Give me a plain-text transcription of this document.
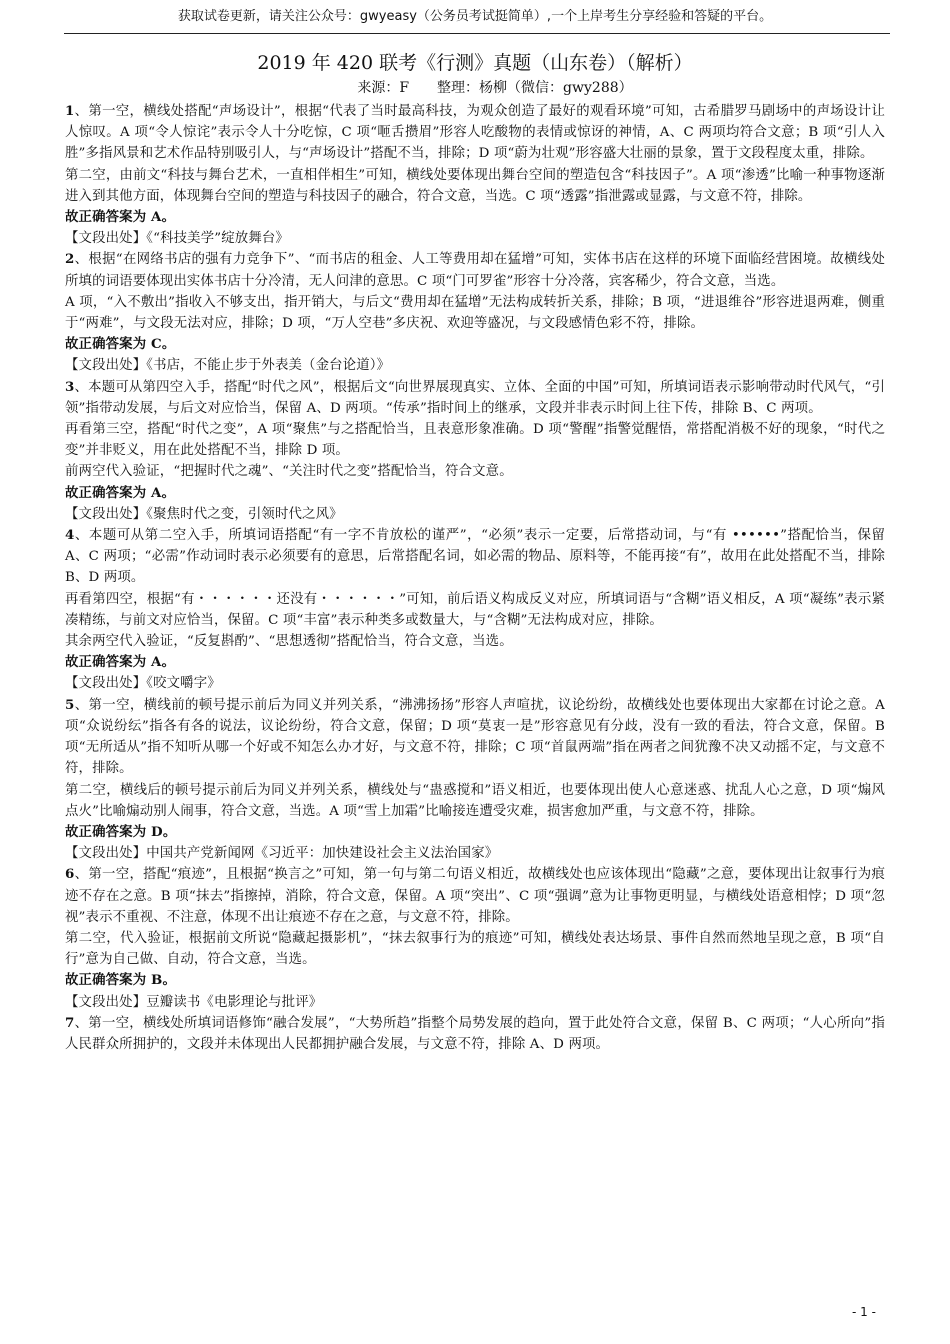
获取试卷更新，请关注公众号：gwyeasy（公务员考试挺简单）,一个上岸考生分享经验和答疑的平台。
2019 年 420 联考《行测》真题（山东卷）（解析）
来源：F　　整理：杨柳（微信：gwy288）

1、第一空，横线处搭配“声场设计”，根据“代表了当时最高科技，为观众创造了最好的观看环境”可知，古希腊罗马剧场中的声场设计让人惊叹。A 项“令人惊诧”表示令人十分吃惊，C 项“咂舌攒眉”形容人吃酸物的表情或惊讶的神情，A、C 两项均符合文意；B 项“引人入胜”多指风景和艺术作品特别吸引人，与“声场设计”搭配不当，排除；D 项“蔚为壮观”形容盛大壮丽的景象，置于文段程度太重，排除。

第二空，由前文“科技与舞台艺术，一直相伴相生”可知，横线处要体现出舞台空间的塑造包含“科技因子”。A 项“渗透”比喻一种事物逐渐进入到其他方面，体现舞台空间的塑造与科技因子的融合，符合文意，当选。C 项“透露”指泄露或显露，与文意不符，排除。

故正确答案为 A。

【文段出处】《“科技美学”绽放舞台》

2、根据“在网络书店的强有力竞争下”、“而书店的租金、人工等费用却在猛增”可知，实体书店在这样的环境下面临经营困境。故横线处所填的词语要体现出实体书店十分冷清，无人问津的意思。C 项“门可罗雀”形容十分冷落，宾客稀少，符合文意，当选。

A 项，“入不敷出”指收入不够支出，指开销大，与后文“费用却在猛增”无法构成转折关系，排除；B 项，“进退维谷”形容进退两难，侧重于“两难”，与文段无法对应，排除；D 项，“万人空巷”多庆祝、欢迎等盛况，与文段感情色彩不符，排除。

故正确答案为 C。

【文段出处】《书店，不能止步于外表美（金台论道）》

3、本题可从第四空入手，搭配“时代之风”，根据后文“向世界展现真实、立体、全面的中国”可知，所填词语表示影响带动时代风气，“引领”指带动发展，与后文对应恰当，保留 A、D 两项。“传承”指时间上的继承，文段并非表示时间上往下传，排除 B、C 两项。

再看第三空，搭配“时代之变”，A 项“聚焦”与之搭配恰当，且表意形象准确。D 项“警醒”指警觉醒悟，常搭配消极不好的现象，“时代之变”并非贬义，用在此处搭配不当，排除 D 项。

前两空代入验证，“把握时代之魂”、“关注时代之变”搭配恰当，符合文意。

故正确答案为 A。

【文段出处】《聚焦时代之变，引领时代之风》

4、本题可从第二空入手，所填词语搭配“有一字不肯放松的谨严”，“必须”表示一定要，后常搭动词，与“有 ••••••”搭配恰当，保留 A、C 两项；“必需”作动词时表示必须要有的意思，后常搭配名词，如必需的物品、原料等，不能再接“有”，故用在此处搭配不当，排除 B、D 两项。

再看第四空，根据“有・・・・・・还没有・・・・・・”可知，前后语义构成反义对应，所填词语与“含糊”语义相反，A 项“凝练”表示紧凑精练，与前文对应恰当，保留。C 项“丰富”表示种类多或数量大，与“含糊”无法构成对应，排除。

其余两空代入验证，“反复斟酌”、“思想透彻”搭配恰当，符合文意，当选。

故正确答案为 A。

【文段出处】《咬文嚼字》

5、第一空，横线前的顿号提示前后为同义并列关系，“沸沸扬扬”形容人声喧扰，议论纷纷，故横线处也要体现出大家都在讨论之意。A 项“众说纷纭”指各有各的说法，议论纷纷，符合文意，保留；D 项“莫衷一是”形容意见有分歧，没有一致的看法，符合文意，保留。B 项“无所适从”指不知听从哪一个好或不知怎么办才好，与文意不符，排除；C 项“首鼠两端”指在两者之间犹豫不决又动摇不定，与文意不符，排除。

第二空，横线后的顿号提示前后为同义并列关系，横线处与“蛊惑搅和”语义相近，也要体现出使人心意迷惑、扰乱人心之意，D 项“煽风点火”比喻煽动别人闹事，符合文意，当选。A 项“雪上加霜”比喻接连遭受灾难，损害愈加严重，与文意不符，排除。

故正确答案为 D。

【文段出处】中国共产党新闻网《习近平：加快建设社会主义法治国家》

6、第一空，搭配“痕迹”，且根据“换言之”可知，第一句与第二句语义相近，故横线处也应该体现出“隐藏”之意，要体现出让叙事行为痕迹不存在之意。B 项“抹去”指擦掉，消除，符合文意，保留。A 项“突出”、C 项“强调”意为让事物更明显，与横线处语意相悖；D 项“忽视”表示不重视、不注意，体现不出让痕迹不存在之意，与文意不符，排除。

第二空，代入验证，根据前文所说“隐藏起摄影机”，“抹去叙事行为的痕迹”可知，横线处表达场景、事件自然而然地呈现之意，B 项“自行”意为自己做、自动，符合文意，当选。

故正确答案为 B。

【文段出处】豆瓣读书《电影理论与批评》

7、第一空，横线处所填词语修饰“融合发展”，“大势所趋”指整个局势发展的趋向，置于此处符合文意，保留 B、C 两项；“人心所向”指人民群众所拥护的，文段并未体现出人民都拥护融合发展，与文意不符，排除 A、D 两项。

- 1 -
